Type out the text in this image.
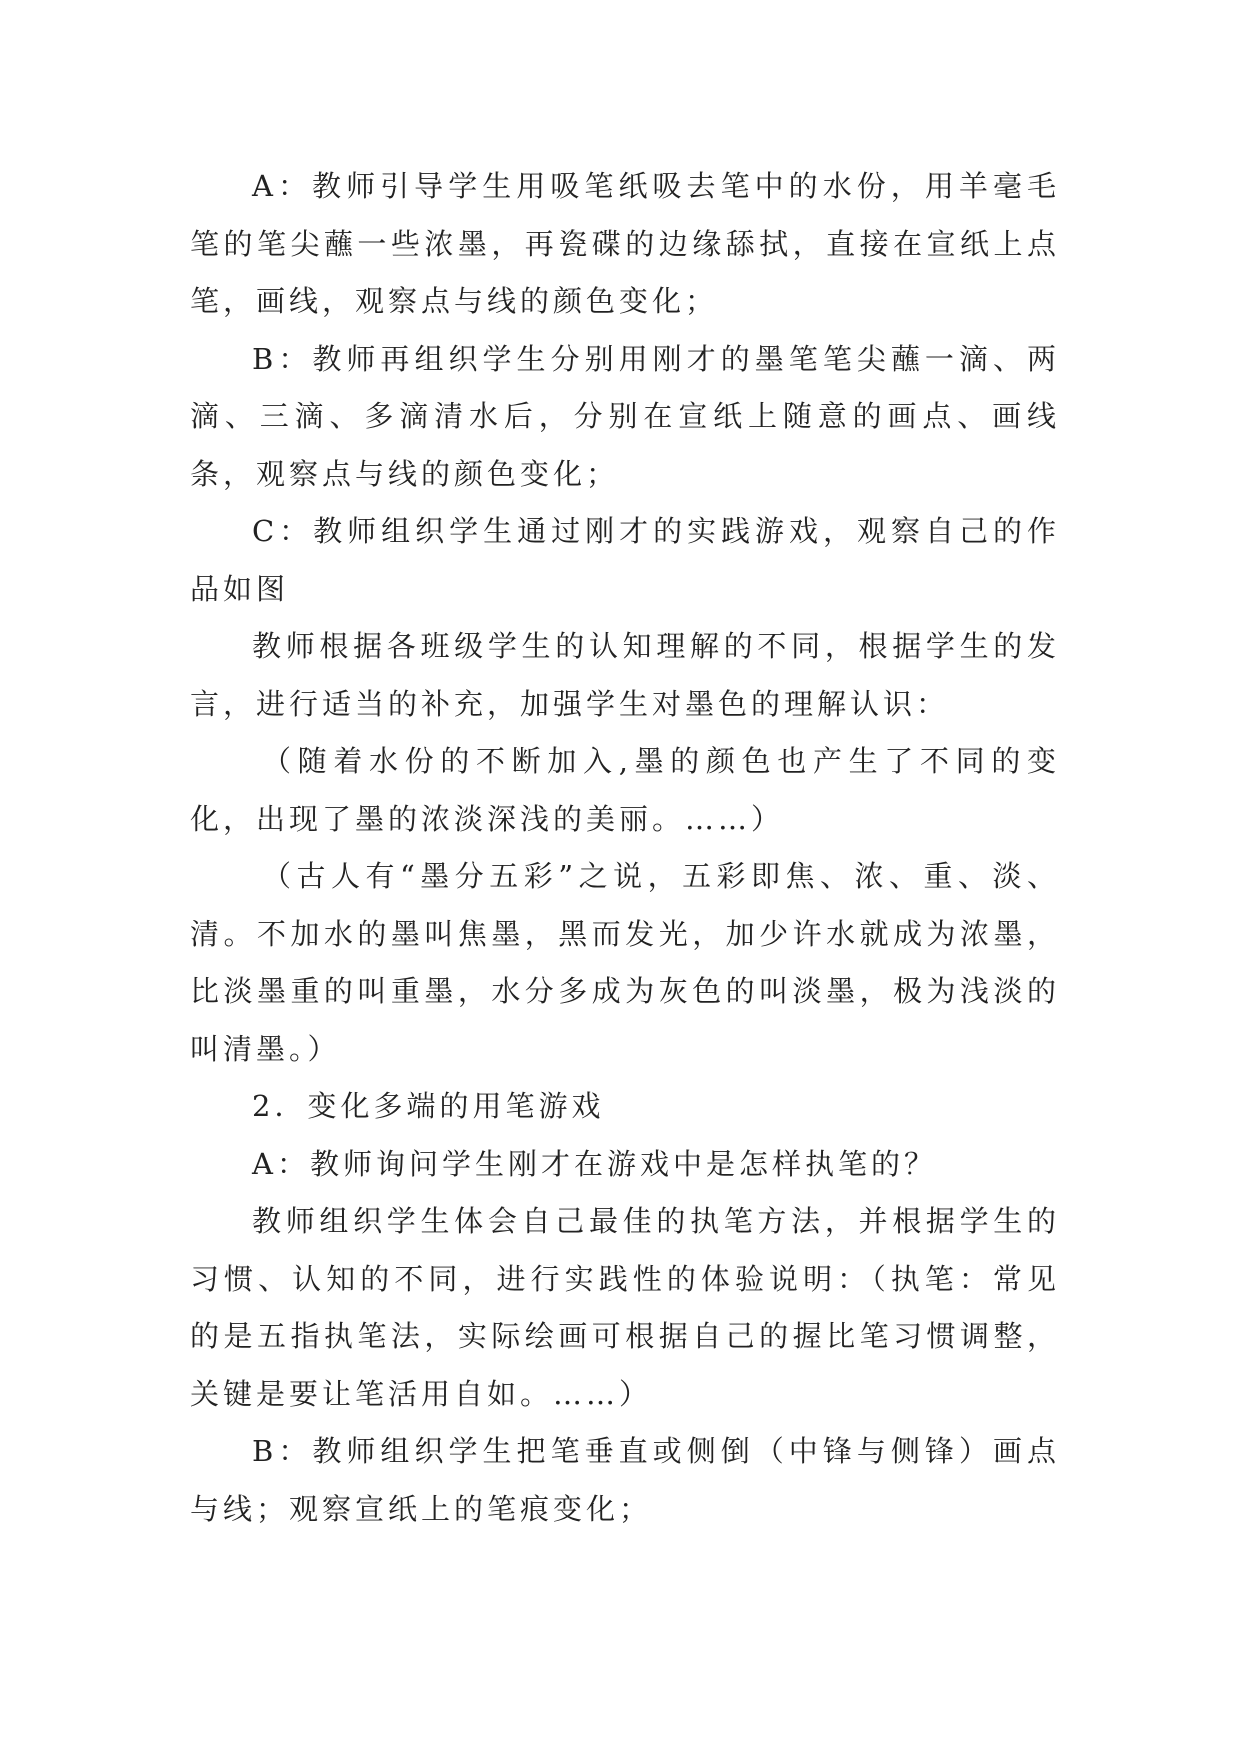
A：教师引导学生用吸笔纸吸去笔中的水份，用羊毫毛笔的笔尖蘸一些浓墨，再瓷碟的边缘舔拭，直接在宣纸上点笔，画线，观察点与线的颜色变化；

B：教师再组织学生分别用刚才的墨笔笔尖蘸一滴、两滴、三滴、多滴清水后，分别在宣纸上随意的画点、画线条，观察点与线的颜色变化；

C：教师组织学生通过刚才的实践游戏，观察自己的作品如图

教师根据各班级学生的认知理解的不同，根据学生的发言，进行适当的补充，加强学生对墨色的理解认识：

（随着水份的不断加入,墨的颜色也产生了不同的变化，出现了墨的浓淡深浅的美丽。……）

（古人有“墨分五彩”之说，五彩即焦、浓、重、淡、清。不加水的墨叫焦墨，黑而发光，加少许水就成为浓墨，比淡墨重的叫重墨，水分多成为灰色的叫淡墨，极为浅淡的叫清墨。）

2．变化多端的用笔游戏

A：教师询问学生刚才在游戏中是怎样执笔的？

教师组织学生体会自己最佳的执笔方法，并根据学生的习惯、认知的不同，进行实践性的体验说明：（执笔：常见的是五指执笔法，实际绘画可根据自己的握比笔习惯调整，关键是要让笔活用自如。……）

B：教师组织学生把笔垂直或侧倒（中锋与侧锋）画点与线；观察宣纸上的笔痕变化；
